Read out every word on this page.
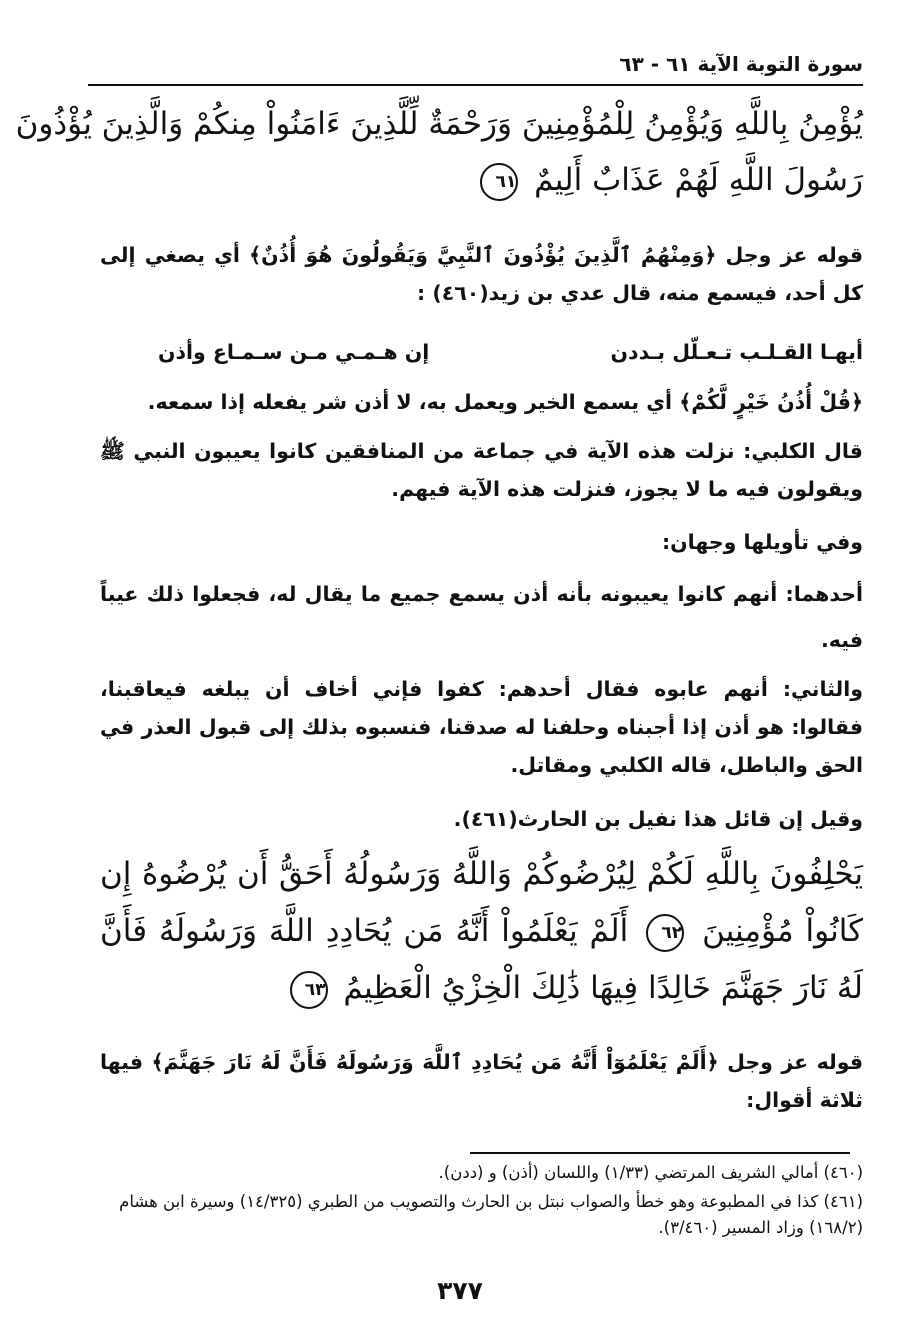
سورة التوبة الآية ٦١ - ٦٣
يُؤْمِنُ بِاللَّهِ وَيُؤْمِنُ لِلْمُؤْمِنِينَ وَرَحْمَةٌ لِّلَّذِينَ ءَامَنُواْ مِنكُمْ وَالَّذِينَ يُؤْذُونَ
رَسُولَ اللَّهِ لَهُمْ عَذَابٌ أَلِيمٌ ٦١
قوله عز وجل ﴿وَمِنْهُمُ ٱلَّذِينَ يُؤْذُونَ ٱلنَّبِيَّ وَيَقُولُونَ هُوَ أُذُنٌ﴾ أي يصغي إلى كل أحد، فيسمع منه، قال عدي بن زيد(٤٦٠) :
أيهـا القـلـب تـعـلّل بـددن
إن هـمـي مـن سـمـاع وأذن
﴿قُلْ أُذُنُ خَيْرٍ لَّكُمْ﴾ أي يسمع الخير ويعمل به، لا أذن شر يفعله إذا سمعه.
قال الكلبي: نزلت هذه الآية في جماعة من المنافقين كانوا يعيبون النبي ﷺ ويقولون فيه ما لا يجوز، فنزلت هذه الآية فيهم.
وفي تأويلها وجهان:
أحدهما: أنهم كانوا يعيبونه بأنه أذن يسمع جميع ما يقال له، فجعلوا ذلك عيباً فيه.
والثاني: أنهم عابوه فقال أحدهم: كفوا فإني أخاف أن يبلغه فيعاقبنا، فقالوا: هو أذن إذا أجبناه وحلفنا له صدقنا، فنسبوه بذلك إلى قبول العذر في الحق والباطل، قاله الكلبي ومقاتل.
وقيل إن قائل هذا نفيل بن الحارث(٤٦١).
يَحْلِفُونَ بِاللَّهِ لَكُمْ لِيُرْضُوكُمْ وَاللَّهُ وَرَسُولُهُ أَحَقُّ أَن يُرْضُوهُ إِن
كَانُواْ مُؤْمِنِينَ ٦٢ أَلَمْ يَعْلَمُواْ أَنَّهُ مَن يُحَادِدِ اللَّهَ وَرَسُولَهُ فَأَنَّ
لَهُ نَارَ جَهَنَّمَ خَالِدًا فِيهَا ذَٰلِكَ الْخِزْيُ الْعَظِيمُ ٦٣
قوله عز وجل ﴿أَلَمْ يَعْلَمُوٓاْ أَنَّهُ مَن يُحَادِدِ ٱللَّهَ وَرَسُولَهُ فَأَنَّ لَهُ نَارَ جَهَنَّمَ﴾ فيها ثلاثة أقوال:
(٤٦٠) أمالي الشريف المرتضي (١/٣٣) واللسان (أذن) و (ددن).
(٤٦١) كذا في المطبوعة وهو خطأ والصواب نبتل بن الحارث والتصويب من الطبري (١٤/٣٢٥) وسيرة ابن هشام (١٦٨/٢) وزاد المسير (٣/٤٦٠).
٣٧٧
